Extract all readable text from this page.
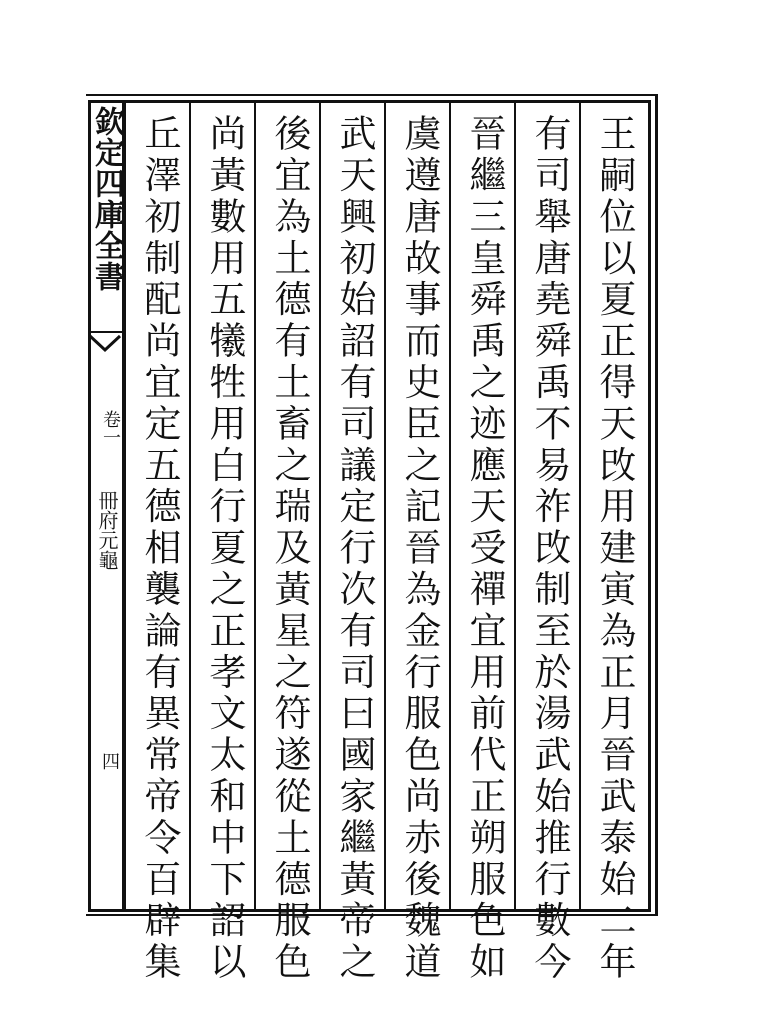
欽定四庫全書
卷一
冊府元龜
四	王嗣位以夏正得天攺用建寅為正月晉武泰始二年
有司舉唐堯舜禹不易祚攺制至於湯武始推行數今
晉繼三皇舜禹之迹應天受禪宜用前代正朔服色如
虞遵唐故事而史臣之記晉為金行服色尚赤後魏道
武天興初始詔有司議定行次有司曰國家繼黃帝之
後宜為土德有土畜之瑞及黃星之符遂從土德服色
尚黃數用五犧牲用白行夏之正孝文太和中下詔以
丘澤初制配尚宜定五德相襲論有異常帝令百辟集
